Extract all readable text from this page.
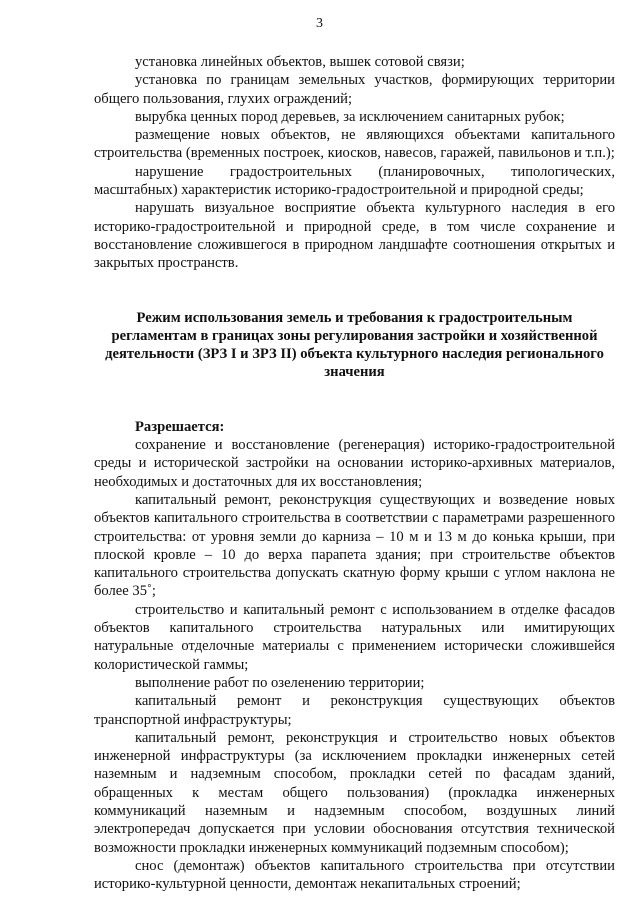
3

установка линейных объектов, вышек сотовой связи;

установка по границам земельных участков, формирующих территории общего пользования, глухих ограждений;

вырубка ценных пород деревьев, за исключением санитарных рубок;

размещение новых объектов, не являющихся объектами капитального строительства (временных построек, киосков, навесов, гаражей, павильонов и т.п.);

нарушение градостроительных (планировочных, типологических, масштабных) характеристик историко-градостроительной и природной среды;

нарушать визуальное восприятие объекта культурного наследия в его историко-градостроительной и природной среде, в том числе сохранение и восстановление сложившегося в природном ландшафте соотношения открытых и закрытых пространств.

Режим использования земель и требования к градостроительным регламентам в границах зоны регулирования застройки и хозяйственной деятельности (ЗРЗ I и ЗРЗ II) объекта культурного наследия регионального значения

Разрешается:

сохранение и восстановление (регенерация) историко-градостроительной среды и исторической застройки на основании историко-архивных материалов, необходимых и достаточных для их восстановления;

капитальный ремонт, реконструкция существующих и возведение новых объектов капитального строительства в соответствии с параметрами разрешенного строительства: от уровня земли до карниза – 10 м и 13 м до конька крыши, при плоской кровле – 10 до верха парапета здания; при строительстве объектов капитального строительства допускать скатную форму крыши с углом наклона не более 35˚;

строительство и капитальный ремонт с использованием в отделке фасадов объектов капитального строительства натуральных или имитирующих натуральные отделочные материалы с применением исторически сложившейся колористической гаммы;

выполнение работ по озеленению территории;

капитальный ремонт и реконструкция существующих объектов транспортной инфраструктуры;

капитальный ремонт, реконструкция и строительство новых объектов инженерной инфраструктуры (за исключением прокладки инженерных сетей наземным и надземным способом, прокладки сетей по фасадам зданий, обращенных к местам общего пользования) (прокладка инженерных коммуникаций наземным и надземным способом, воздушных линий электропередач допускается при условии обоснования отсутствия технической возможности прокладки инженерных коммуникаций подземным способом);

снос (демонтаж) объектов капитального строительства при отсутствии историко-культурной ценности, демонтаж некапитальных строений;
